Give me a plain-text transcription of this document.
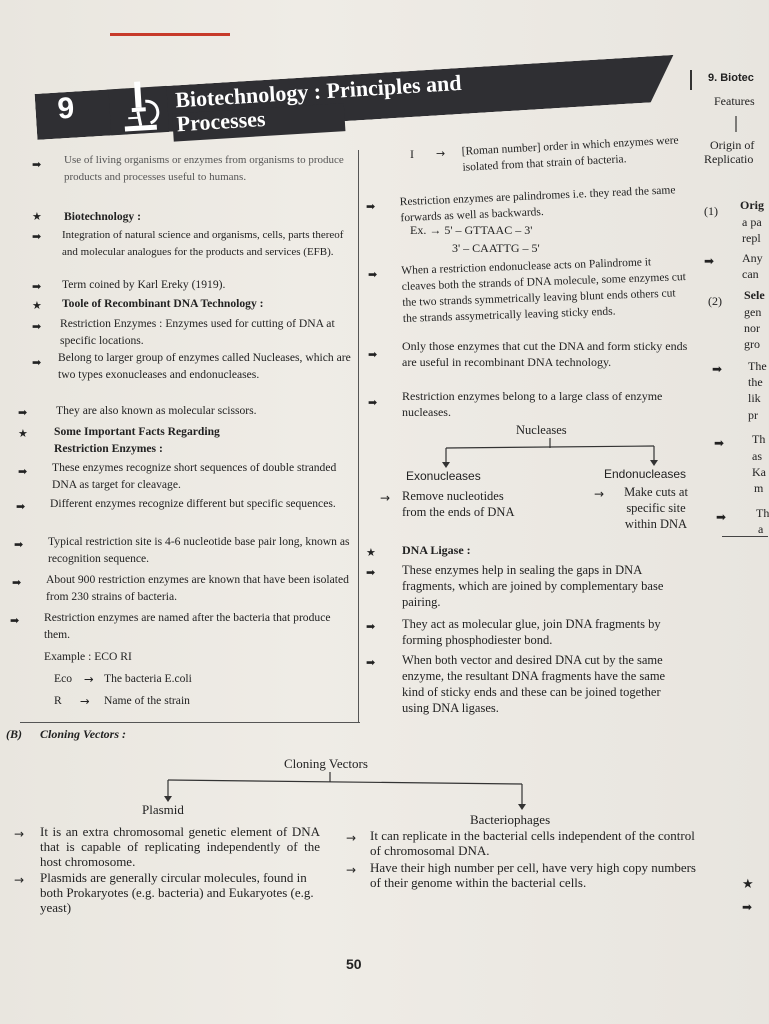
9	Biotechnology : Principles and
Processes
9. Biotec
Features
Origin of
Replicatio
(1) Orig
a pa
repl
➡ Any
can
(2) Sele
gen
nor
gro
➡ The
the
lik
pr
➡ Th
as
Ka
m
➡ Th
a
★
➡
➡ Use of living organisms or enzymes from organisms to produce products and processes useful to humans.
★ Biotechnology :
➡ Integration of natural science and organisms, cells, parts thereof and molecular analogues for the products and services (EFB).
➡ Term coined by Karl Ereky (1919).
★ Toole of Recombinant DNA Technology :
➡ Restriction Enzymes : Enzymes used for cutting of DNA at specific locations.
➡ Belong to larger group of enzymes called Nucleases, which are two types exonucleases and endonucleases.
➡ They are also known as molecular scissors.
★ Some Important Facts Regarding
Restriction Enzymes :
➡ These enzymes recognize short sequences of double stranded DNA as target for cleavage.
➡ Different enzymes recognize different but specific sequences.
➡ Typical restriction site is 4-6 nucleotide base pair long, known as recognition sequence.
➡ About 900 restriction enzymes are known that have been isolated from 230 strains of bacteria.
➡ Restriction enzymes are named after the bacteria that produce them.
Example : ECO RI
Eco	→ The bacteria E.coli
R	→	Name of the strain
I → [Roman number] order in which enzymes were isolated from that strain of bacteria.
➡ Restriction enzymes are palindromes i.e. they read the same forwards as well as backwards.
Ex. → 5' – GTTAAC – 3'
3' – CAATTG – 5'
➡ When a restriction endonuclease acts on Palindrome it cleaves both the strands of DNA molecule, some enzymes cut the two strands symmetrically leaving blunt ends others cut the strands assymetrically leaving sticky ends.
➡
Only those enzymes that cut the DNA and form sticky ends are useful in recombinant DNA technology.
➡ Restriction enzymes belong to a large class of enzyme nucleases.
Nucleases
Exonucleases	Endonucleases
→ Remove nucleotides from the ends of DNA
→	Make cuts at specific site within DNA
★ DNA Ligase :
➡ These enzymes help in sealing the gaps in DNA fragments, which are joined by complementary base pairing.
➡ They act as molecular glue, join DNA fragments by forming phosphodiester bond.
➡ When both vector and desired DNA cut by the same enzyme, the resultant DNA fragments have the same kind of sticky ends and these can be joined together using DNA ligases.
(B) Cloning Vectors :
Cloning Vectors
Plasmid
Bacteriophages
→ It is an extra chromosomal genetic element of DNA that is capable of replicating independently of the host chromosome.
→ Plasmids are generally circular molecules, found in both Prokaryotes (e.g. bacteria) and Eukaryotes (e.g. yeast)
→ It can replicate in the bacterial cells independent of the control of chromosomal DNA.
→ Have their high number per cell, have very high copy numbers of their genome within the bacterial cells.
50
